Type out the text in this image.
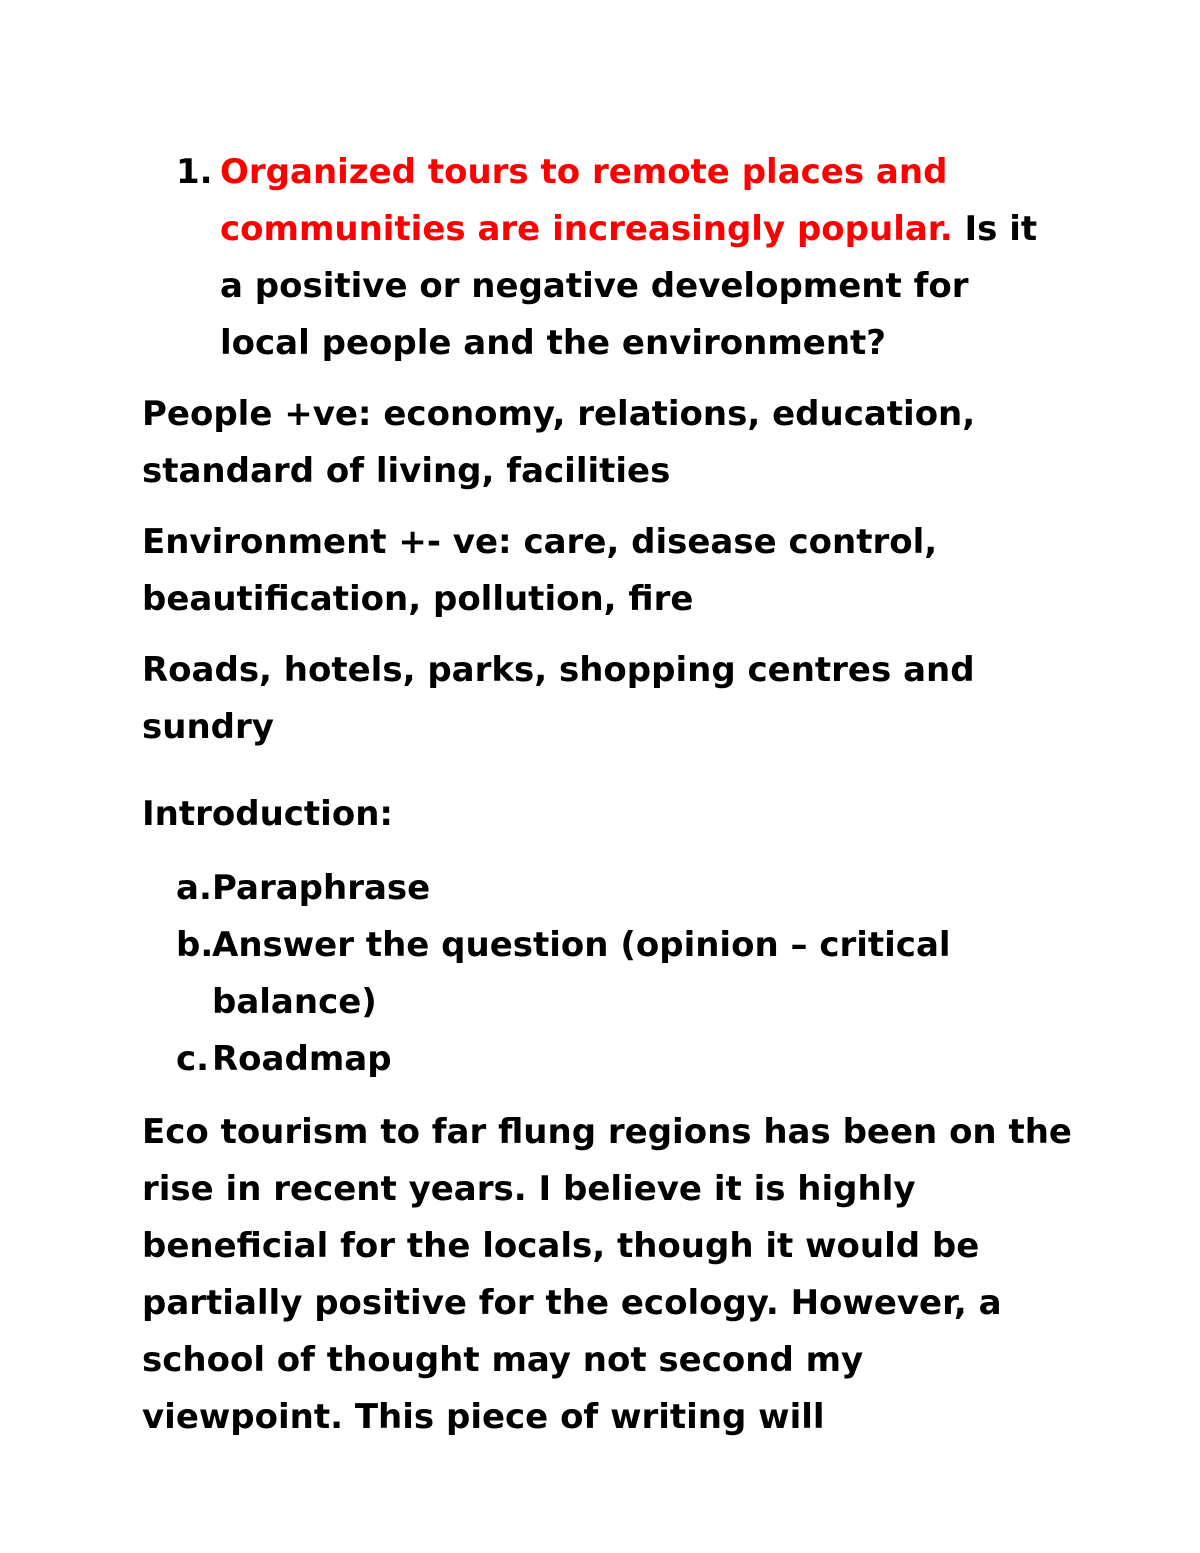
1. Organized tours to remote places and communities are increasingly popular. Is it a positive or negative development for local people and the environment?

People +ve: economy, relations, education, standard of living, facilities

Environment +- ve: care, disease control, beautification, pollution, fire

Roads, hotels, parks, shopping centres and sundry

Introduction:

a. Paraphrase
b.
Answer the question (opinion – critical balance)
c. Roadmap

Eco tourism to far flung regions has been on the rise in recent years. I believe it is highly beneficial for the locals, though it would be partially positive for the ecology. However, a school of thought may not second my viewpoint. This piece of writing will
